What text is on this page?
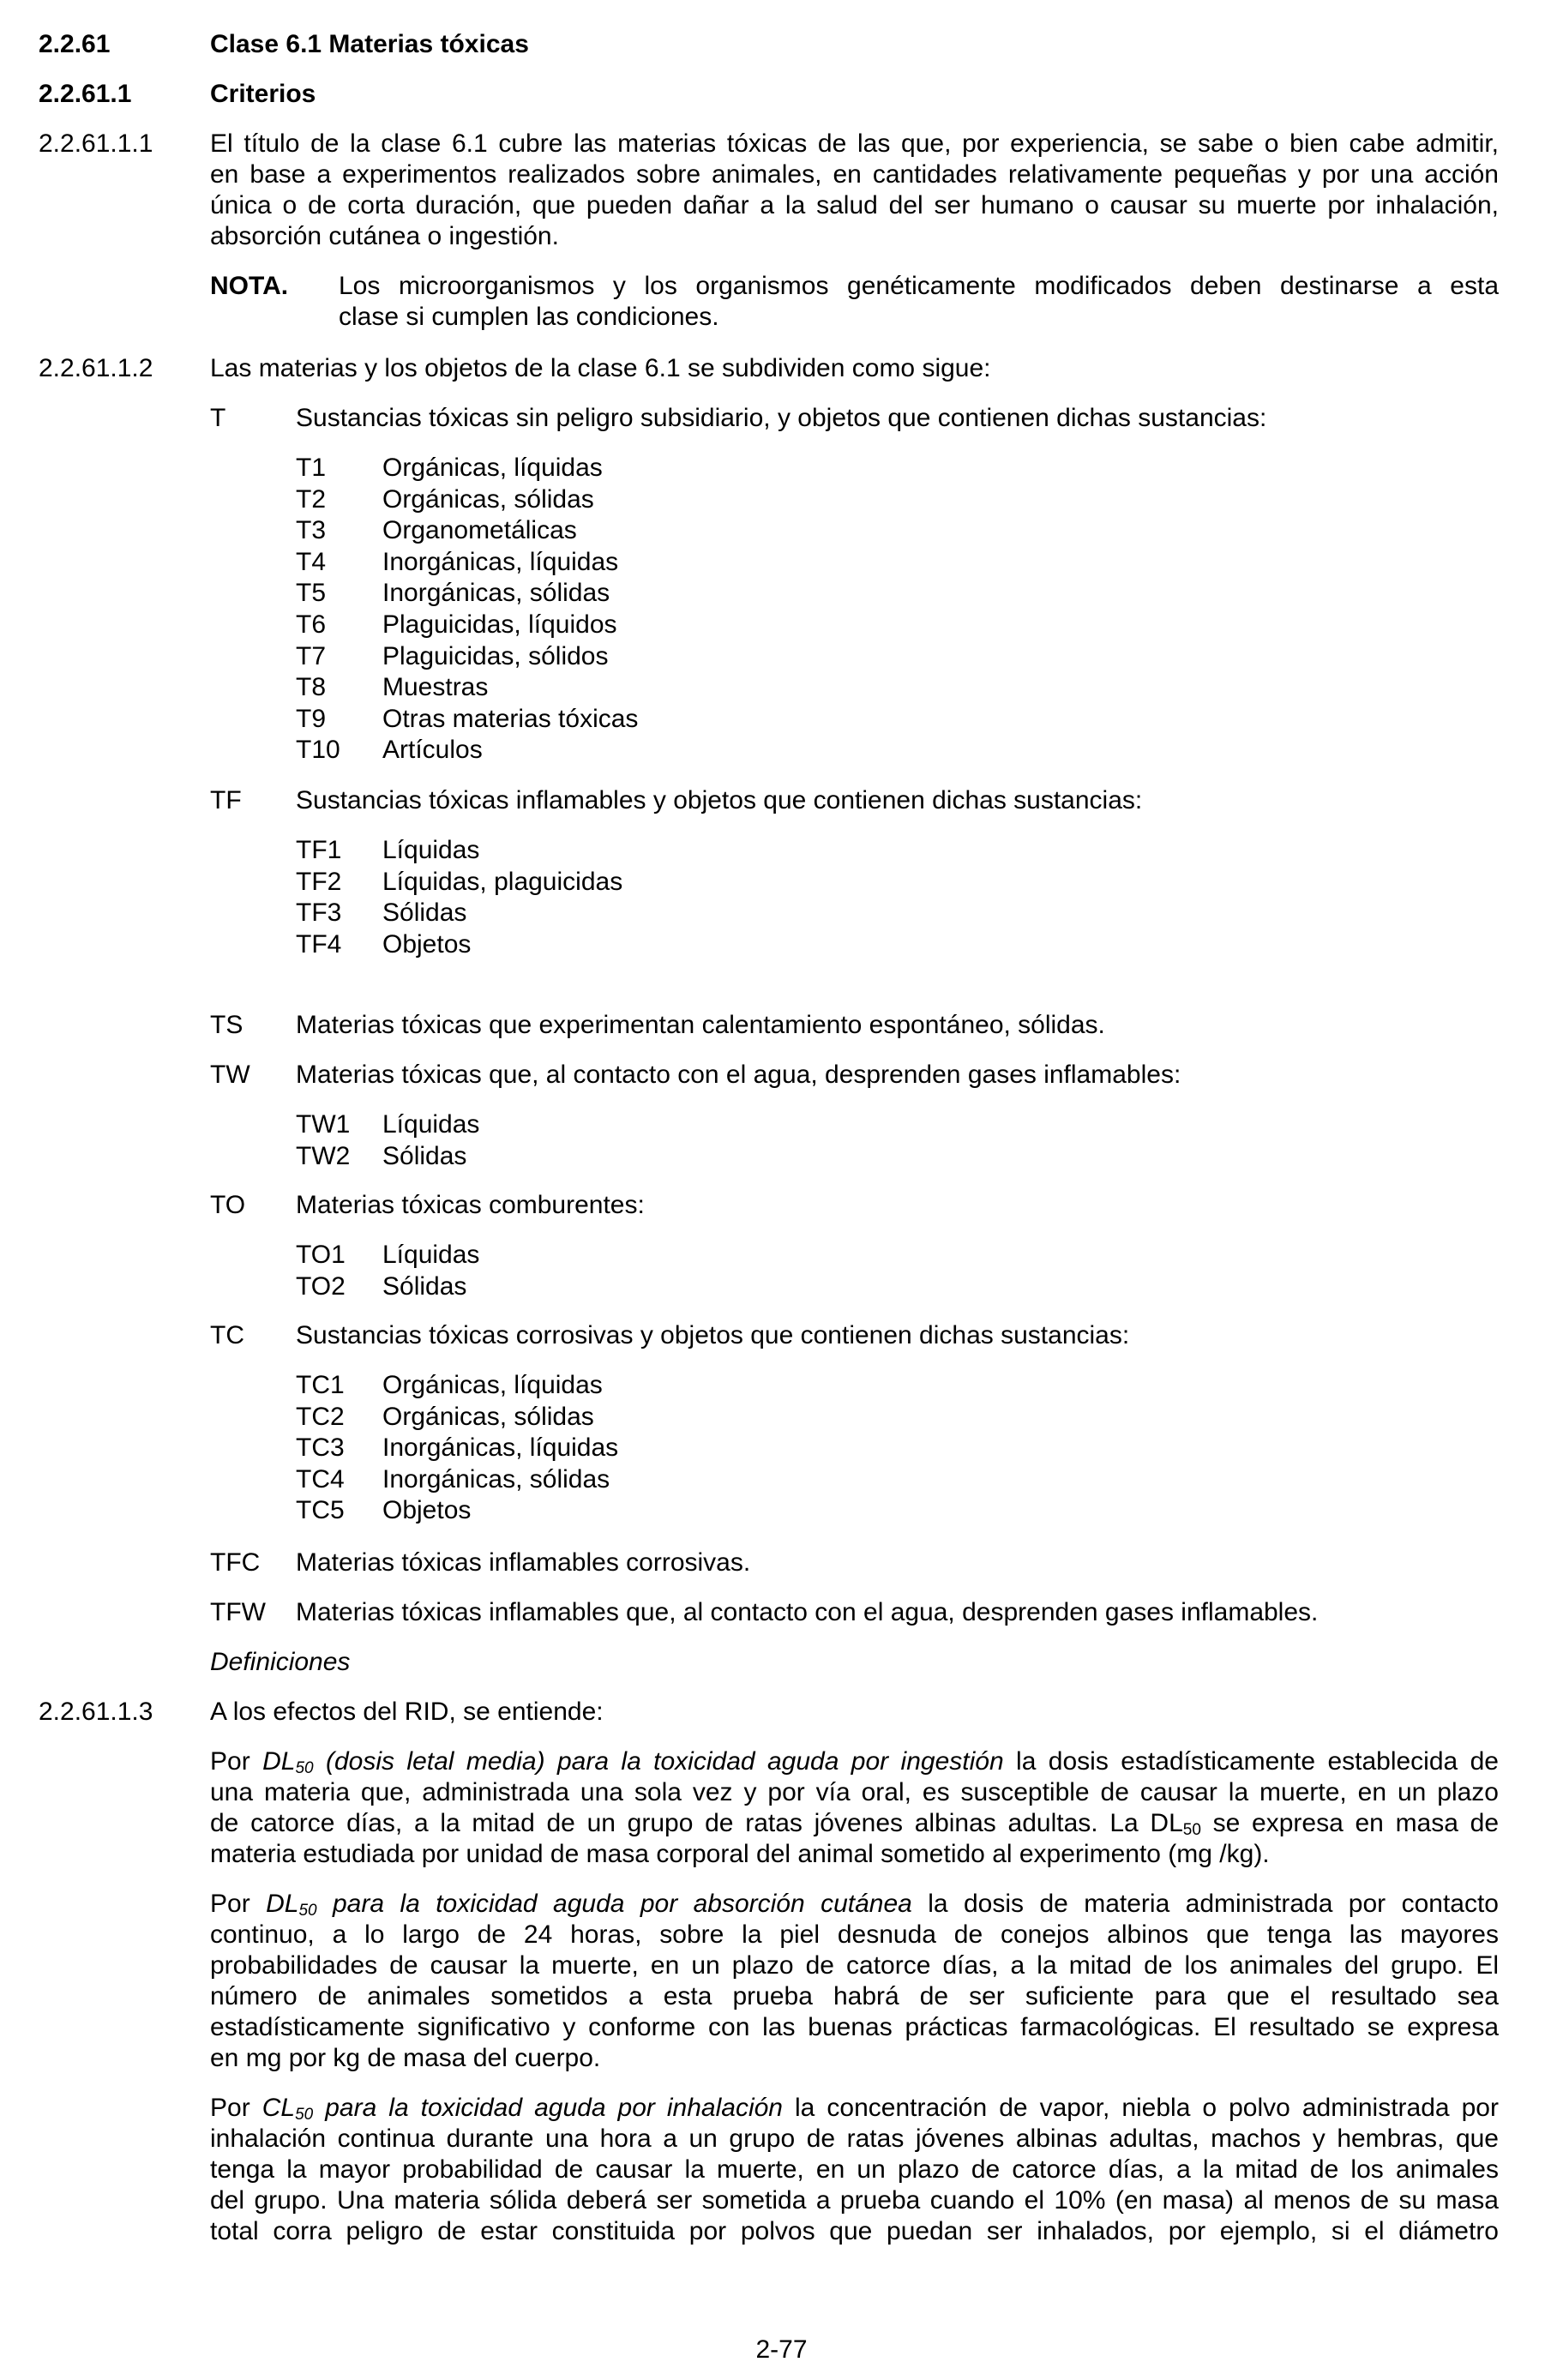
2.2.61	Clase 6.1 Materias tóxicas
2.2.61.1	Criterios
2.2.61.1.1 El título de la clase 6.1 cubre las materias tóxicas de las que, por experiencia, se sabe o bien cabe admitir,
en base a experimentos realizados sobre animales, en cantidades relativamente pequeñas y por una acción
única o de corta duración, que pueden dañar a la salud del ser humano o causar su muerte por inhalación,
absorción cutánea o ingestión.
NOTA. Los microorganismos y los organismos genéticamente modificados deben destinarse a esta
clase si cumplen las condiciones.
2.2.61.1.2 Las materias y los objetos de la clase 6.1 se subdividen como sigue:
T	Sustancias tóxicas sin peligro subsidiario, y objetos que contienen dichas sustancias:
T1 Orgánicas, líquidas
T2 Orgánicas, sólidas
T3 Organometálicas
T4 Inorgánicas, líquidas
T5 Inorgánicas, sólidas
T6 Plaguicidas, líquidos
T7 Plaguicidas, sólidos
T8 Muestras
T9 Otras materias tóxicas
T10 Artículos
TF Sustancias tóxicas inflamables y objetos que contienen dichas sustancias:
TF1 Líquidas
TF2 Líquidas, plaguicidas
TF3 Sólidas
TF4 Objetos
TS Materias tóxicas que experimentan calentamiento espontáneo, sólidas.
TW Materias tóxicas que, al contacto con el agua, desprenden gases inflamables:
TW1 Líquidas
TW2 Sólidas
TO Materias tóxicas comburentes:
TO1 Líquidas
TO2 Sólidas
TC Sustancias tóxicas corrosivas y objetos que contienen dichas sustancias:
TC1 Orgánicas, líquidas
TC2 Orgánicas, sólidas
TC3 Inorgánicas, líquidas
TC4 Inorgánicas, sólidas
TC5 Objetos
TFC Materias tóxicas inflamables corrosivas.
TFW Materias tóxicas inflamables que, al contacto con el agua, desprenden gases inflamables.
Definiciones
2.2.61.1.3 A los efectos del RID, se entiende:
Por $DL_{50}$ (dosis letal media) para la toxicidad aguda por ingestión la dosis estadísticamente establecida de
una materia que, administrada una sola vez y por vía oral, es susceptible de causar la muerte, en un plazo
de catorce días, a la mitad de un grupo de ratas jóvenes albinas adultas. La $DL_{50}$ se expresa en masa de
materia estudiada por unidad de masa corporal del animal sometido al experimento (mg /kg).
Por $DL_{50}$ para la toxicidad aguda por absorción cutánea la dosis de materia administrada por contacto
continuo, a lo largo de 24 horas, sobre la piel desnuda de conejos albinos que tenga las mayores
probabilidades de causar la muerte, en un plazo de catorce días, a la mitad de los animales del grupo. El
número de animales sometidos a esta prueba habrá de ser suficiente para que el resultado sea
estadísticamente significativo y conforme con las buenas prácticas farmacológicas. El resultado se expresa
en mg por kg de masa del cuerpo.
Por $CL_{50}$ para la toxicidad aguda por inhalación la concentración de vapor, niebla o polvo administrada por
inhalación continua durante una hora a un grupo de ratas jóvenes albinas adultas, machos y hembras, que
tenga la mayor probabilidad de causar la muerte, en un plazo de catorce días, a la mitad de los animales
del grupo. Una materia sólida deberá ser sometida a prueba cuando el 10% (en masa) al menos de su masa
total corra peligro de estar constituida por polvos que puedan ser inhalados, por ejemplo, si el diámetro
2-77
